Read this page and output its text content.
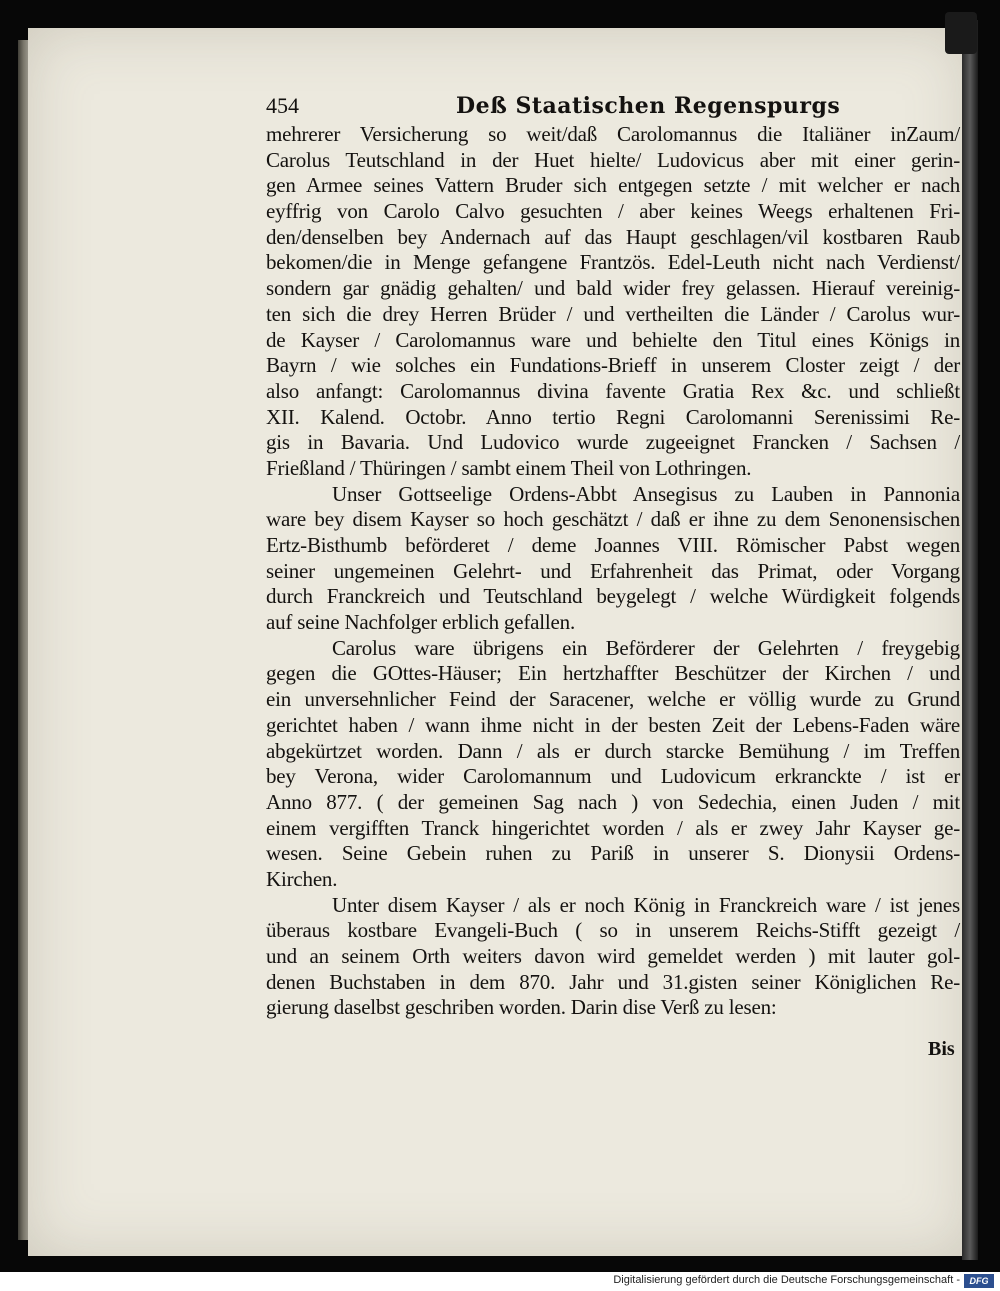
454	Deß Staatischen Regenspurgs
mehrerer Versicherung so weit/daß Carolomannus die Italiäner inZaum/
Carolus Teutschland in der Huet hielte/ Ludovicus aber mit einer gerin-
gen Armee seines Vattern Bruder sich entgegen setzte / mit welcher er nach
eyffrig von Carolo Calvo gesuchten / aber keines Weegs erhaltenen Fri-
den/denselben bey Andernach auf das Haupt geschlagen/vil kostbaren Raub
bekomen/die in Menge gefangene Frantzös. Edel-Leuth nicht nach Verdienst/
sondern gar gnädig gehalten/ und bald wider frey gelassen. Hierauf vereinig-
ten sich die drey Herren Brüder / und vertheilten die Länder / Carolus wur-
de Kayser / Carolomannus ware und behielte den Titul eines Königs in
Bayrn / wie solches ein Fundations-Brieff in unserem Closter zeigt / der
also anfangt: Carolomannus divina favente Gratia Rex &c. und schließt
XII. Kalend. Octobr. Anno tertio Regni Carolomanni Serenissimi Re-
gis in Bavaria. Und Ludovico wurde zugeeignet Francken / Sachsen /
Frießland / Thüringen / sambt einem Theil von Lothringen.
Unser Gottseelige Ordens-Abbt Ansegisus zu Lauben in Pannonia
ware bey disem Kayser so hoch geschätzt / daß er ihne zu dem Senonensischen
Ertz-Bisthumb beförderet / deme Joannes VIII. Römischer Pabst wegen
seiner ungemeinen Gelehrt- und Erfahrenheit das Primat, oder Vorgang
durch Franckreich und Teutschland beygelegt / welche Würdigkeit folgends
auf seine Nachfolger erblich gefallen.
Carolus ware übrigens ein Beförderer der Gelehrten / freygebig
gegen die GOttes-Häuser; Ein hertzhaffter Beschützer der Kirchen / und
ein unversehnlicher Feind der Saracener, welche er völlig wurde zu Grund
gerichtet haben / wann ihme nicht in der besten Zeit der Lebens-Faden wäre
abgekürtzet worden. Dann / als er durch starcke Bemühung / im Treffen
bey Verona, wider Carolomannum und Ludovicum erkranckte / ist er
Anno 877. ( der gemeinen Sag nach ) von Sedechia, einen Juden / mit
einem vergifften Tranck hingerichtet worden / als er zwey Jahr Kayser ge-
wesen. Seine Gebein ruhen zu Pariß in unserer S. Dionysii Ordens-
Kirchen.
Unter disem Kayser / als er noch König in Franckreich ware / ist jenes
überaus kostbare Evangeli-Buch ( so in unserem Reichs-Stifft gezeigt /
und an seinem Orth weiters davon wird gemeldet werden ) mit lauter gol-
denen Buchstaben in dem 870. Jahr und 31.gisten seiner Königlichen Re-
gierung daselbst geschriben worden. Darin dise Verß zu lesen:
Bis
Digitalisierung gefördert durch die Deutsche Forschungsgemeinschaft -	DFG
